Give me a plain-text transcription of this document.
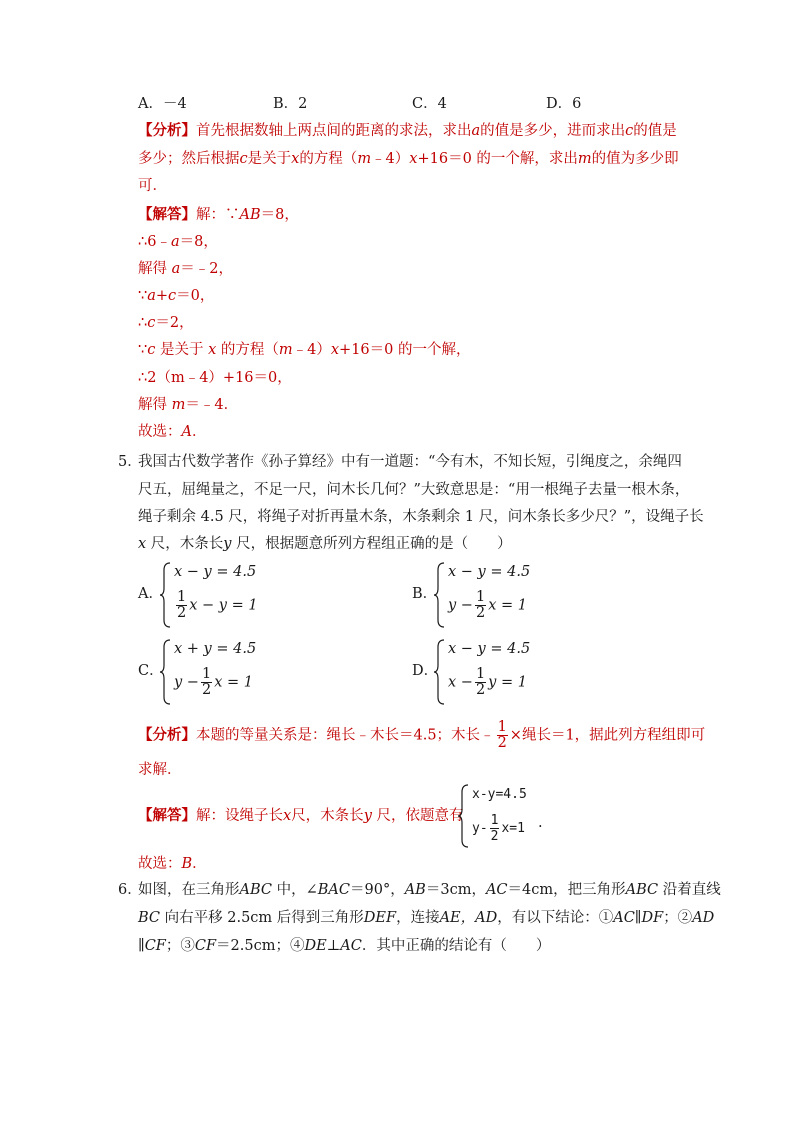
A．－4	B．2	C．4	D．6
【分析】首先根据数轴上两点间的距离的求法，求出a的值是多少，进而求出c的值是
多少；然后根据c是关于x的方程（m﹣4）x+16＝0 的一个解，求出m的值为多少即
可．
【解答】解：∵AB＝8，
∴6﹣a＝8，
解得 a＝﹣2，
∵a+c＝0，
∴c＝2，
∵c 是关于 x 的方程（m﹣4）x+16＝0 的一个解，
∴2（m﹣4）+16＝0，
解得 m＝﹣4．
故选：A．
5．
我国古代数学著作《孙子算经》中有一道题：“今有木，不知长短，引绳度之，余绳四
尺五，屈绳量之，不足一尺，问木长几何？”大致意思是：“用一根绳子去量一根木条，
绳子剩余 4.5 尺，将绳子对折再量木条，木条剩余 1 尺，问木条长多少尺？”，设绳子长
x 尺，木条长y 尺，根据题意所列方程组正确的是（　　）
A．
x − y = 4.5
$\frac{1}{2}$ x − y = 1
B．
x − y = 4.5
$y - \frac{1}{2}$ x = 1
C．
x + y = 4.5
$y - \frac{1}{2}$ x = 1
D．
x − y = 4.5
$x - \frac{1}{2}$ y = 1
【分析】本题的等量关系是：绳长﹣木长＝4.5；木长﹣ $\frac{1}{2}$ ×绳长＝1，据此列方程组即可
求解．
【解答】解：设绳子长x尺，木条长y 尺，依题意有
x-y=4.5
$y- \frac{1}{2} x=1$ .
故选：B．
6．
如图，在三角形ABC 中，∠BAC＝90°，AB＝3cm，AC＝4cm，把三角形ABC 沿着直线
BC 向右平移 2.5cm 后得到三角形DEF，连接AE，AD，有以下结论：①AC∥DF；②AD
∥CF；③CF＝2.5cm；④DE⊥AC．其中正确的结论有（　　）
